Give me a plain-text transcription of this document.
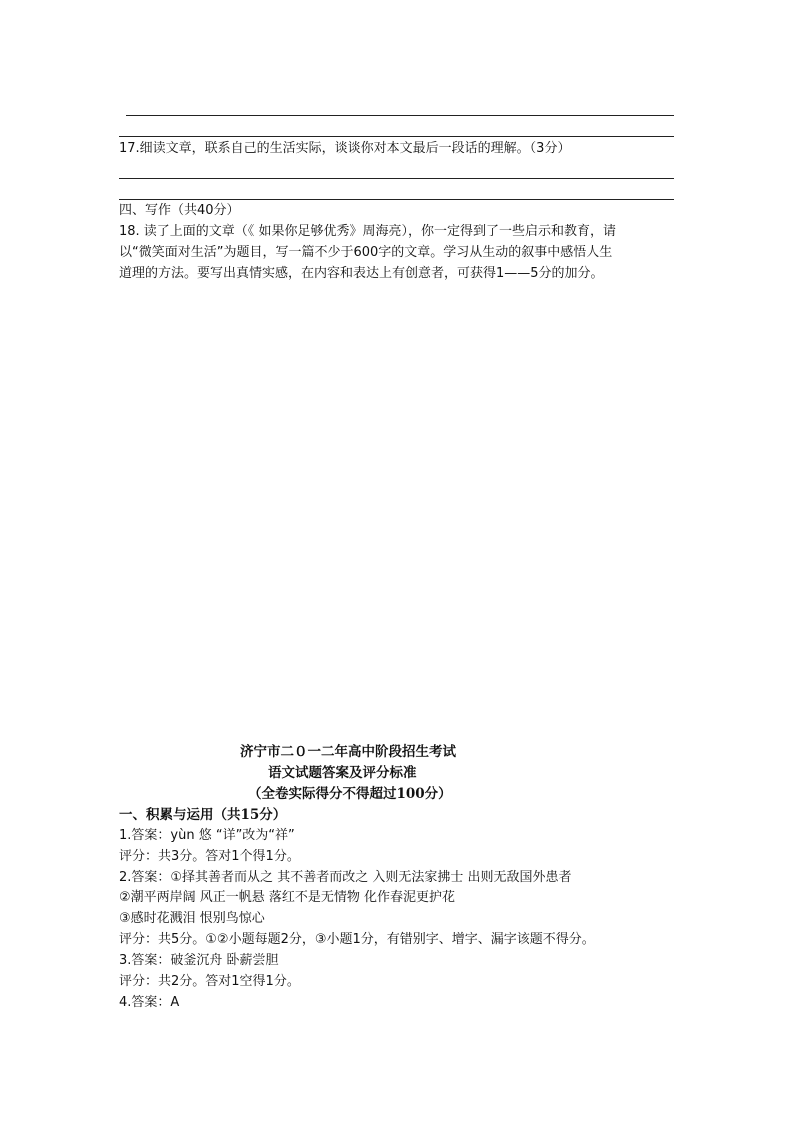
17.细读文章，联系自己的生活实际，谈谈你对本文最后一段话的理解。（3分）
四、写作（共40分）
18. 读了上面的文章（《 如果你足够优秀》周海亮），你一定得到了一些启示和教育，请
以“微笑面对生活”为题目，写一篇不少于600字的文章。学习从生动的叙事中感悟人生
道理的方法。要写出真情实感，在内容和表达上有创意者，可获得1——5分的加分。
济宁市二０一二年高中阶段招生考试
语文试题答案及评分标准
（全卷实际得分不得超过100分）
一、积累与运用（共15分）
1.答案：yùn 悠 “详”改为“祥”
评分：共3分。答对1个得1分。
2.答案：①择其善者而从之 其不善者而改之 入则无法家拂士 出则无敌国外患者
②潮平两岸阔 风正一帆悬 落红不是无情物 化作春泥更护花
③感时花溅泪 恨别鸟惊心
评分：共5分。①②小题每题2分，③小题1分，有错别字、增字、漏字该题不得分。
3.答案：破釜沉舟 卧薪尝胆
评分：共2分。答对1空得1分。
4.答案：A
